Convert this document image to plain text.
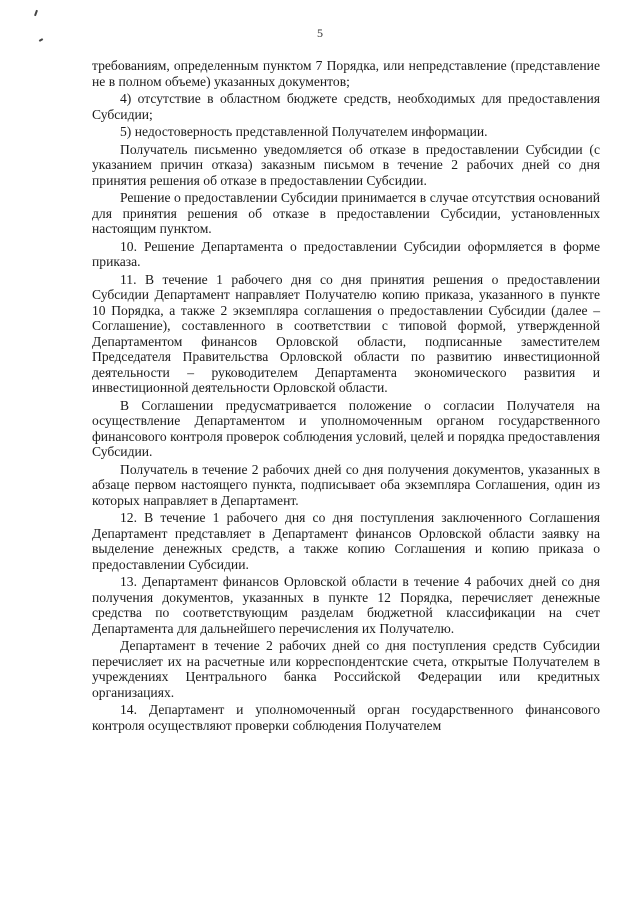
5

требованиям, определенным пунктом 7 Порядка, или непредставление (представление не в полном объеме) указанных документов;

4) отсутствие в областном бюджете средств, необходимых для предоставления Субсидии;

5) недостоверность представленной Получателем информации.

Получатель письменно уведомляется об отказе в предоставлении Субсидии (с указанием причин отказа) заказным письмом в течение 2 рабочих дней со дня принятия решения об отказе в предоставлении Субсидии.

Решение о предоставлении Субсидии принимается в случае отсутствия оснований для принятия решения об отказе в предоставлении Субсидии, установленных настоящим пунктом.

10. Решение Департамента о предоставлении Субсидии оформляется в форме приказа.

11. В течение 1 рабочего дня со дня принятия решения о предоставлении Субсидии Департамент направляет Получателю копию приказа, указанного в пункте 10 Порядка, а также 2 экземпляра соглашения о предоставлении Субсидии (далее – Соглашение), составленного в соответствии с типовой формой, утвержденной Департаментом финансов Орловской области, подписанные заместителем Председателя Правительства Орловской области по развитию инвестиционной деятельности – руководителем Департамента экономического развития и инвестиционной деятельности Орловской области.

В Соглашении предусматривается положение о согласии Получателя на осуществление Департаментом и уполномоченным органом государственного финансового контроля проверок соблюдения условий, целей и порядка предоставления Субсидии.

Получатель в течение 2 рабочих дней со дня получения документов, указанных в абзаце первом настоящего пункта, подписывает оба экземпляра Соглашения, один из которых направляет в Департамент.

12. В течение 1 рабочего дня со дня поступления заключенного Соглашения Департамент представляет в Департамент финансов Орловской области заявку на выделение денежных средств, а также копию Соглашения и копию приказа о предоставлении Субсидии.

13. Департамент финансов Орловской области в течение 4 рабочих дней со дня получения документов, указанных в пункте 12 Порядка, перечисляет денежные средства по соответствующим разделам бюджетной классификации на счет Департамента для дальнейшего перечисления их Получателю.

Департамент в течение 2 рабочих дней со дня поступления средств Субсидии перечисляет их на расчетные или корреспондентские счета, открытые Получателем в учреждениях Центрального банка Российской Федерации или кредитных организациях.

14. Департамент и уполномоченный орган государственного финансового контроля осуществляют проверки соблюдения Получателем
